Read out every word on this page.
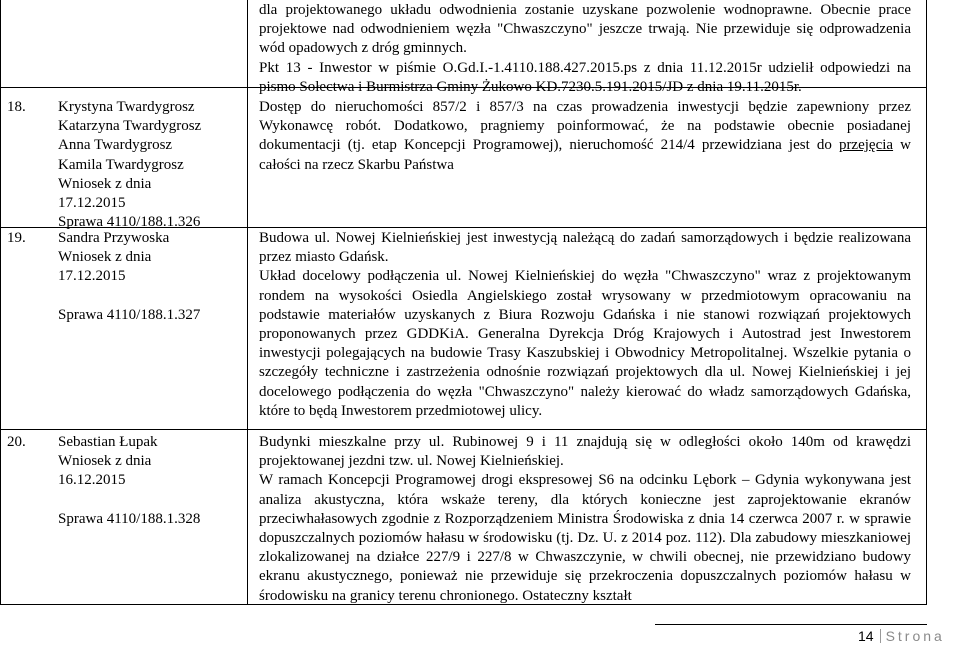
dla projektowanego układu odwodnienia zostanie uzyskane pozwolenie wodnoprawne. Obecnie prace projektowe nad odwodnieniem węzła "Chwaszczyno" jeszcze trwają. Nie przewiduje się odprowadzenia wód opadowych z dróg gminnych.

Pkt 13 - Inwestor w piśmie O.Gd.I.-1.4110.188.427.2015.ps z dnia 11.12.2015r udzielił odpowiedzi na pismo Sołectwa i Burmistrza Gminy Żukowo KD.7230.5.191.2015/JD z dnia 19.11.2015r.

18. Krystyna Twardygrosz
Katarzyna Twardygrosz
Anna Twardygrosz
Kamila Twardygrosz
Wniosek z dnia
17.12.2015
Sprawa 4110/188.1.326

Dostęp do nieruchomości 857/2 i 857/3 na czas prowadzenia inwestycji będzie zapewniony przez Wykonawcę robót. Dodatkowo, pragniemy poinformować, że na podstawie obecnie posiadanej dokumentacji (tj. etap Koncepcji Programowej), nieruchomość 214/4 przewidziana jest do przejęcia w całości na rzecz Skarbu Państwa

19. Sandra Przywoska
Wniosek z dnia
17.12.2015
Sprawa 4110/188.1.327

Budowa ul. Nowej Kielnieńskiej jest inwestycją należącą do zadań samorządowych i będzie realizowana przez miasto Gdańsk.

Układ docelowy podłączenia ul. Nowej Kielnieńskiej do węzła "Chwaszczyno" wraz z projektowanym rondem na wysokości Osiedla Angielskiego został wrysowany w przedmiotowym opracowaniu na podstawie materiałów uzyskanych z Biura Rozwoju Gdańska i nie stanowi rozwiązań projektowych proponowanych przez GDDKiA. Generalna Dyrekcja Dróg Krajowych i Autostrad jest Inwestorem inwestycji polegających na budowie Trasy Kaszubskiej i Obwodnicy Metropolitalnej. Wszelkie pytania o szczegóły techniczne i zastrzeżenia odnośnie rozwiązań projektowych dla ul. Nowej Kielnieńskiej i jej docelowego podłączenia do węzła "Chwaszczyno" należy kierować do władz samorządowych Gdańska, które to będą Inwestorem przedmiotowej ulicy.

20. Sebastian Łupak
Wniosek z dnia
16.12.2015
Sprawa 4110/188.1.328

Budynki mieszkalne przy ul. Rubinowej 9 i 11 znajdują się w odległości około 140m od krawędzi projektowanej jezdni tzw. ul. Nowej Kielnieńskiej.

W ramach Koncepcji Programowej drogi ekspresowej S6 na odcinku Lębork – Gdynia wykonywana jest analiza akustyczna, która wskaże tereny, dla których konieczne jest zaprojektowanie ekranów przeciwhałasowych zgodnie z Rozporządzeniem Ministra Środowiska z dnia 14 czerwca 2007 r. w sprawie dopuszczalnych poziomów hałasu w środowisku (tj. Dz. U. z 2014 poz. 112). Dla zabudowy mieszkaniowej zlokalizowanej na działce 227/9 i 227/8 w Chwaszczynie, w chwili obecnej, nie przewidziano budowy ekranu akustycznego, ponieważ nie przewiduje się przekroczenia dopuszczalnych poziomów hałasu w środowisku na granicy terenu chronionego. Ostateczny kształt

14 Strona
